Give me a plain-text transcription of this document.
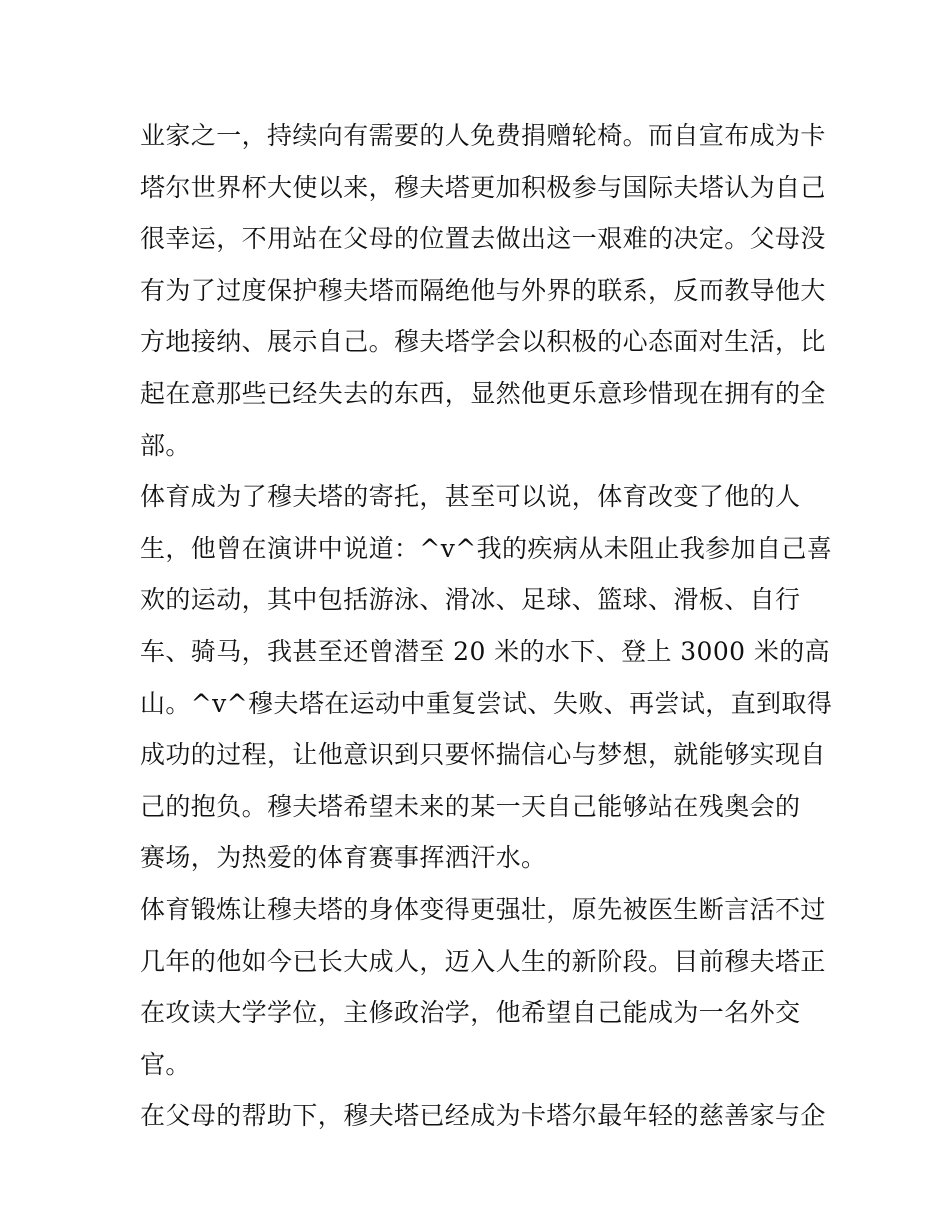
业家之一，持续向有需要的人免费捐赠轮椅。而自宣布成为卡
塔尔世界杯大使以来，穆夫塔更加积极参与国际夫塔认为自己
很幸运，不用站在父母的位置去做出这一艰难的决定。父母没
有为了过度保护穆夫塔而隔绝他与外界的联系，反而教导他大
方地接纳、展示自己。穆夫塔学会以积极的心态面对生活，比
起在意那些已经失去的东西，显然他更乐意珍惜现在拥有的全
部。
体育成为了穆夫塔的寄托，甚至可以说，体育改变了他的人
生，他曾在演讲中说道：^v^我的疾病从未阻止我参加自己喜
欢的运动，其中包括游泳、滑冰、足球、篮球、滑板、自行
车、骑马，我甚至还曾潜至 20 米的水下、登上 3000 米的高
山。^v^穆夫塔在运动中重复尝试、失败、再尝试，直到取得
成功的过程，让他意识到只要怀揣信心与梦想，就能够实现自
己的抱负。穆夫塔希望未来的某一天自己能够站在残奥会的
赛场，为热爱的体育赛事挥洒汗水。
体育锻炼让穆夫塔的身体变得更强壮，原先被医生断言活不过
几年的他如今已长大成人，迈入人生的新阶段。目前穆夫塔正
在攻读大学学位，主修政治学，他希望自己能成为一名外交
官。
在父母的帮助下，穆夫塔已经成为卡塔尔最年轻的慈善家与企
